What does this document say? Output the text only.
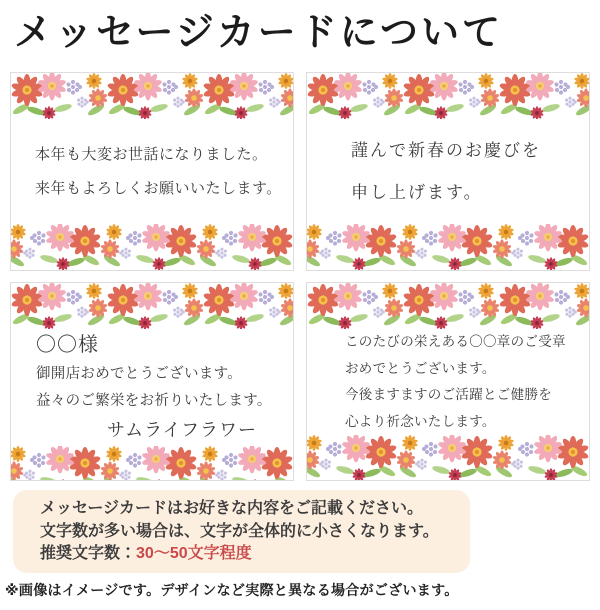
メッセージカードについて
本年も大変お世話になりました。
来年もよろしくお願いいたします。
謹んで新春のお慶びを
申し上げます。
〇〇様
御開店おめでとうございます。
益々のご繁栄をお祈りいたします。
サムライフラワー
このたびの栄えある〇〇章のご受章
おめでとうございます。
今後ますますのご活躍とご健勝を
心より祈念いたします。
メッセージカードはお好きな内容をご記載ください。
文字数が多い場合は、文字が全体的に小さくなります。
推奨文字数：30〜50文字程度
※画像はイメージです。デザインなど実際と異なる場合がございます。
